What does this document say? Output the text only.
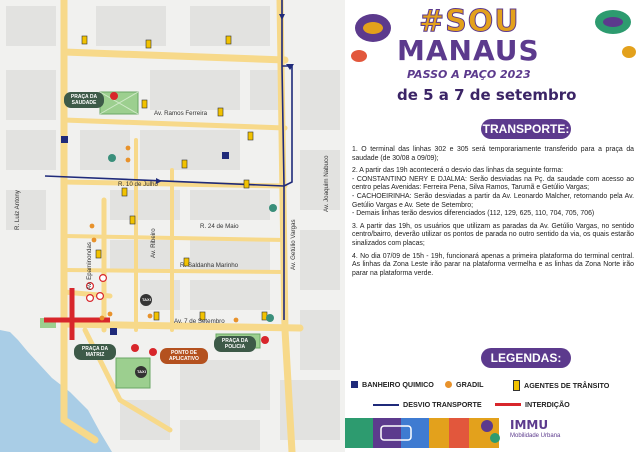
Av. Ramos Ferreira
R. 10 de Julho
R. 24 de Maio
R. Saldanha Marinho
Av. 7 de Setembro
R. Luiz Antony
Av. Epaminondas	Av. Ribeiro	Av. Getúlio Vargas
Av. Joaquim Nabuco
PRAÇA DA SAUDADE
PRAÇA DA MATRIZ	PONTO DE APLICATIVO
PRAÇA DA POLICIA
TAXI
TAXI
#SOU
MANAUS
PASSO A PAÇO 2023
de 5 a 7 de setembro
TRANSPORTE:

1. O terminal das linhas 302 e 305 será temporariamente transferido para a praça da saudade (de 30/08 a 09/09);

2. A partir das 19h acontecerá o desvio das linhas da seguinte forma:

- CONSTANTINO NERY E DJALMA: Serão desviadas na Pç. da saudade com acesso ao centro pelas Avenidas: Ferreira Pena, Silva Ramos, Tarumã e Getúlio Vargas;

- CACHOEIRINHA: Serão desviadas a partir da Av. Leonardo Malcher, retornando pela Av. Getúlio Vargas e Av. Sete de Setembro;

- Demais linhas terão desvios diferenciados (112, 129, 625, 110, 704, 705, 706)

3. A partir das 19h, os usuários que utilizam as paradas da Av. Getúlio Vargas, no sentido centro/bairro, deverão utilizar os pontos de parada no outro sentido da via, os quais estarão sinalizados com placas;

4. No dia 07/09 de 15h - 19h, funcionará apenas a primeira plataforma do terminal central. As linhas da Zona Leste irão parar na plataforma vermelha e as linhas da Zona Norte irão parar na plataforma verde.

LEGENDAS:
BANHEIRO QUIMICO	GRADIL	AGENTES DE TRÂNSITO
DESVIO TRANSPORTE	INTERDIÇÃO
IMMU
Mobilidade Urbana
